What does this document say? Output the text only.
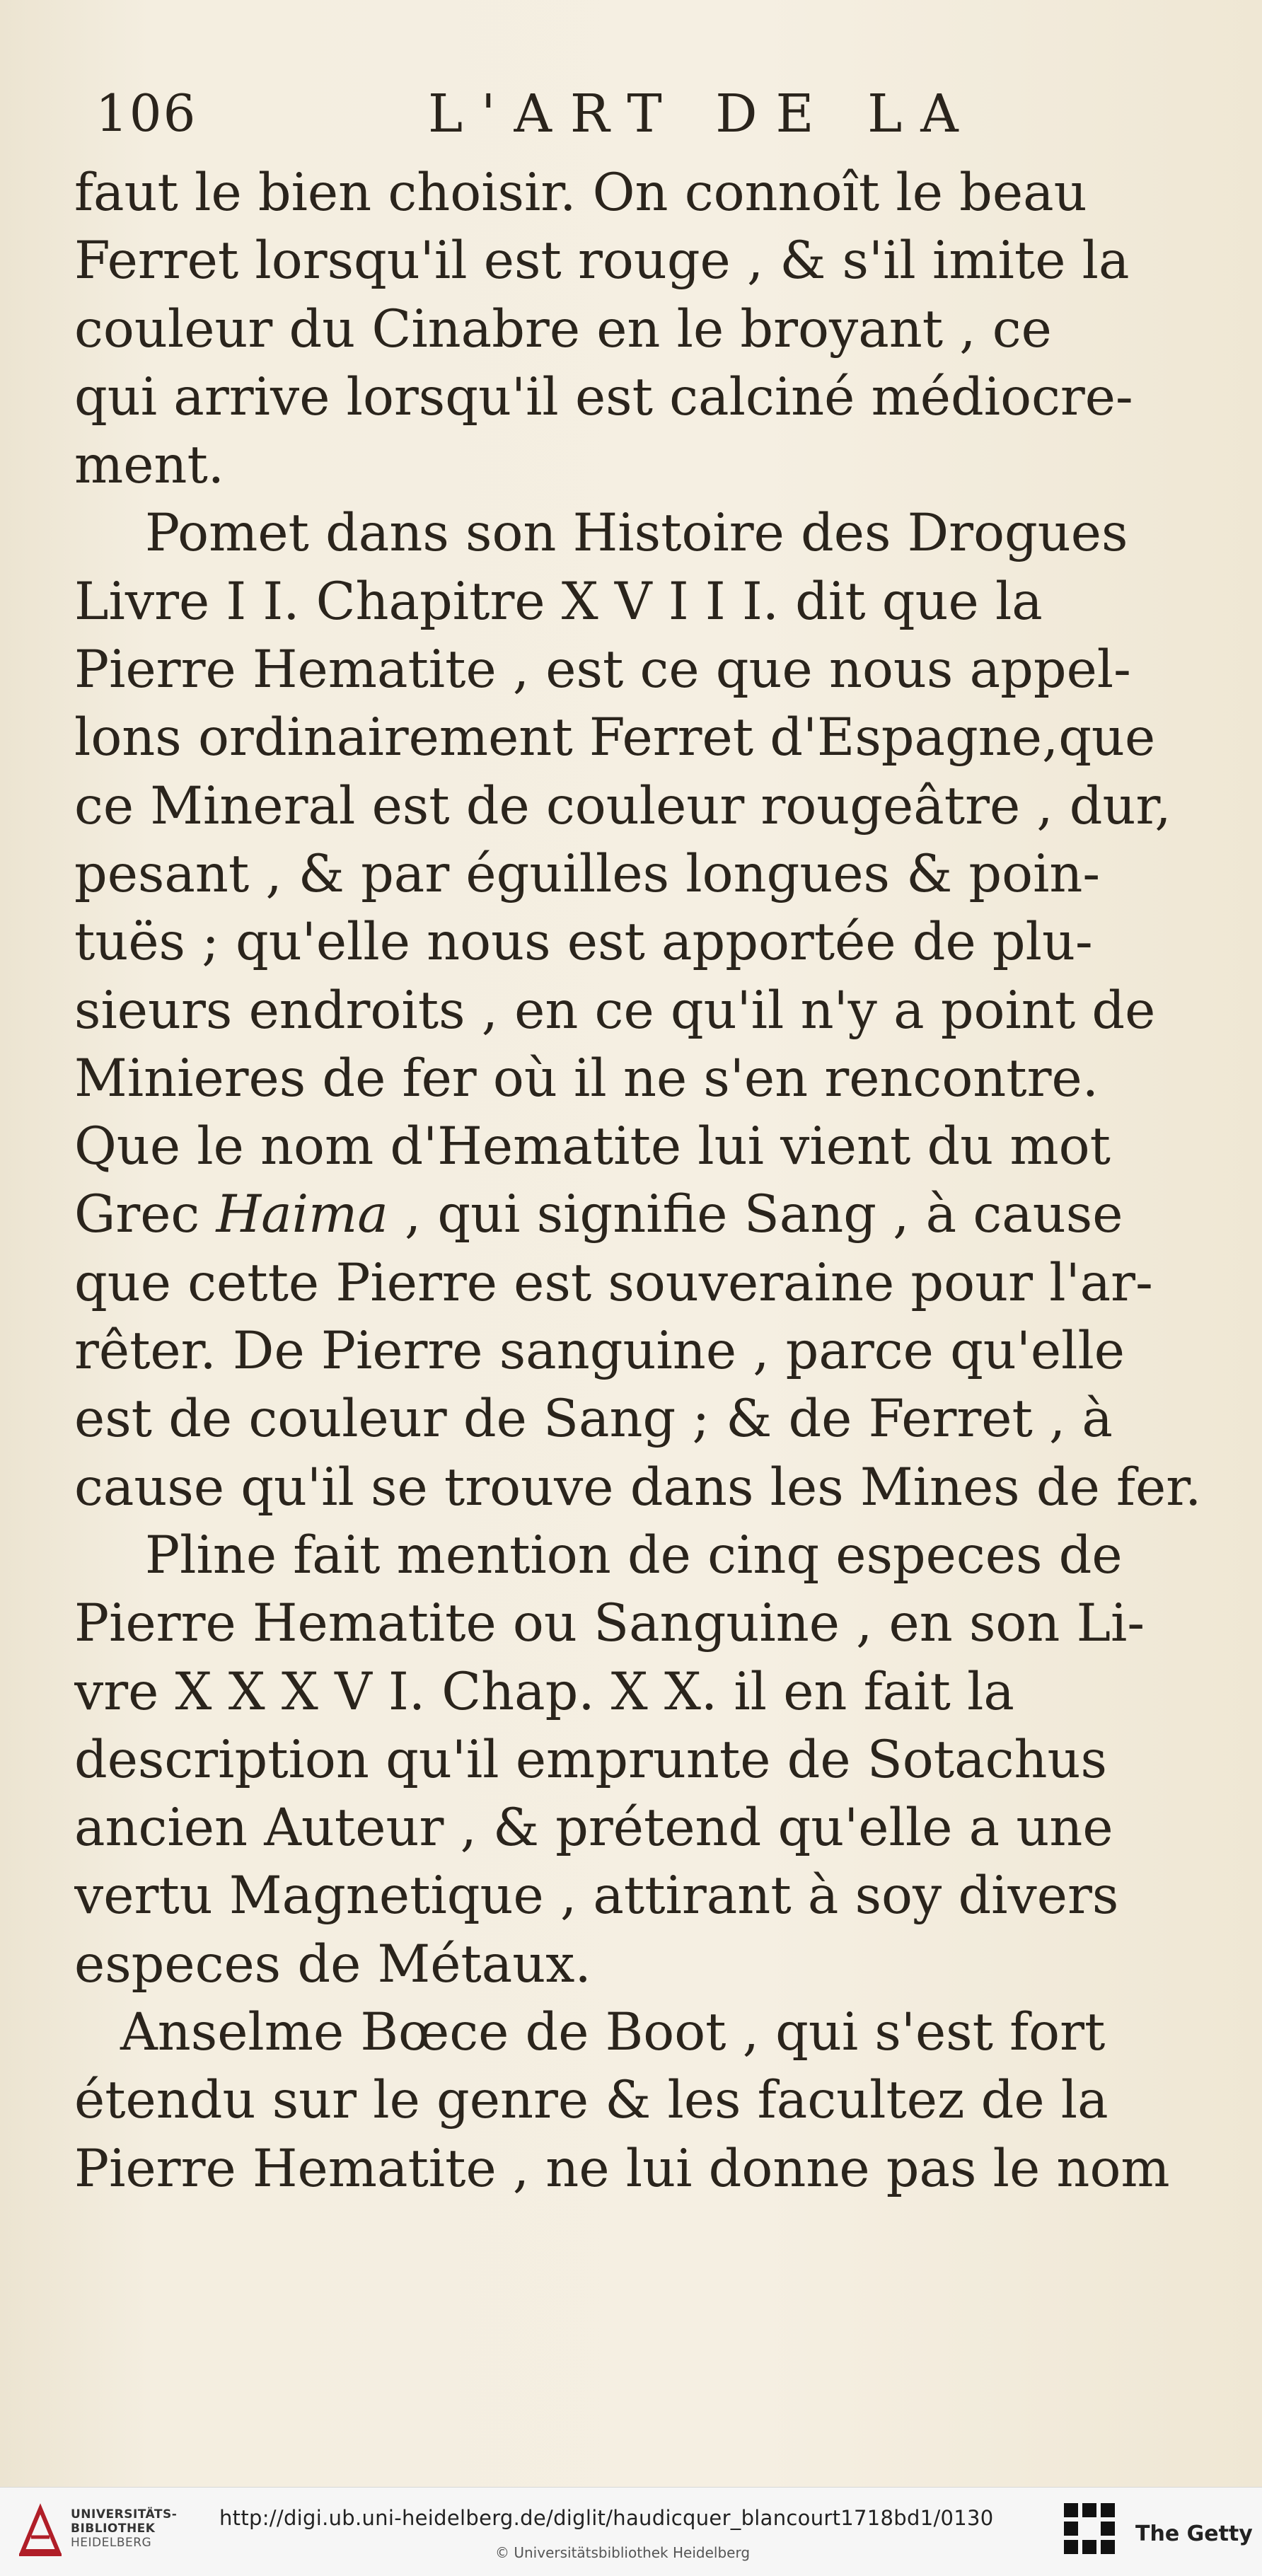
106	L'ART DE LA
faut le bien choisir. On connoît le beau
Ferret lorsqu'il est rouge , & s'il imite la
couleur du Cinabre en le broyant , ce
qui arrive lorsqu'il est calciné médiocre-
ment.
Pomet dans son Histoire des Drogues
Livre I I. Chapitre X V I I I. dit que la
Pierre Hematite , est ce que nous appel-
lons ordinairement Ferret d'Espagne,que
ce Mineral est de couleur rougeâtre , dur,
pesant , & par éguilles longues & poin-
tuës ; qu'elle nous est apportée de plu-
sieurs endroits , en ce qu'il n'y a point de
Minieres de fer où il ne s'en rencontre.
Que le nom d'Hematite lui vient du mot
Grec Haima , qui signifie Sang , à cause
que cette Pierre est souveraine pour l'ar-
rêter. De Pierre sanguine , parce qu'elle
est de couleur de Sang ; & de Ferret , à
cause qu'il se trouve dans les Mines de fer.
Pline fait mention de cinq especes de
Pierre Hematite ou Sanguine , en son Li-
vre X X X V I. Chap. X X. il en fait la
description qu'il emprunte de Sotachus
ancien Auteur , & prétend qu'elle a une
vertu Magnetique , attirant à soy divers
especes de Métaux.
Anselme Bœce de Boot , qui s'est fort
étendu sur le genre & les facultez de la
Pierre Hematite , ne lui donne pas le nom
UNIVERSITÄTS-
BIBLIOTHEK
HEIDELBERG
http://digi.ub.uni-heidelberg.de/diglit/haudicquer_blancourt1718bd1/0130
© Universitätsbibliothek Heidelberg
The Getty
